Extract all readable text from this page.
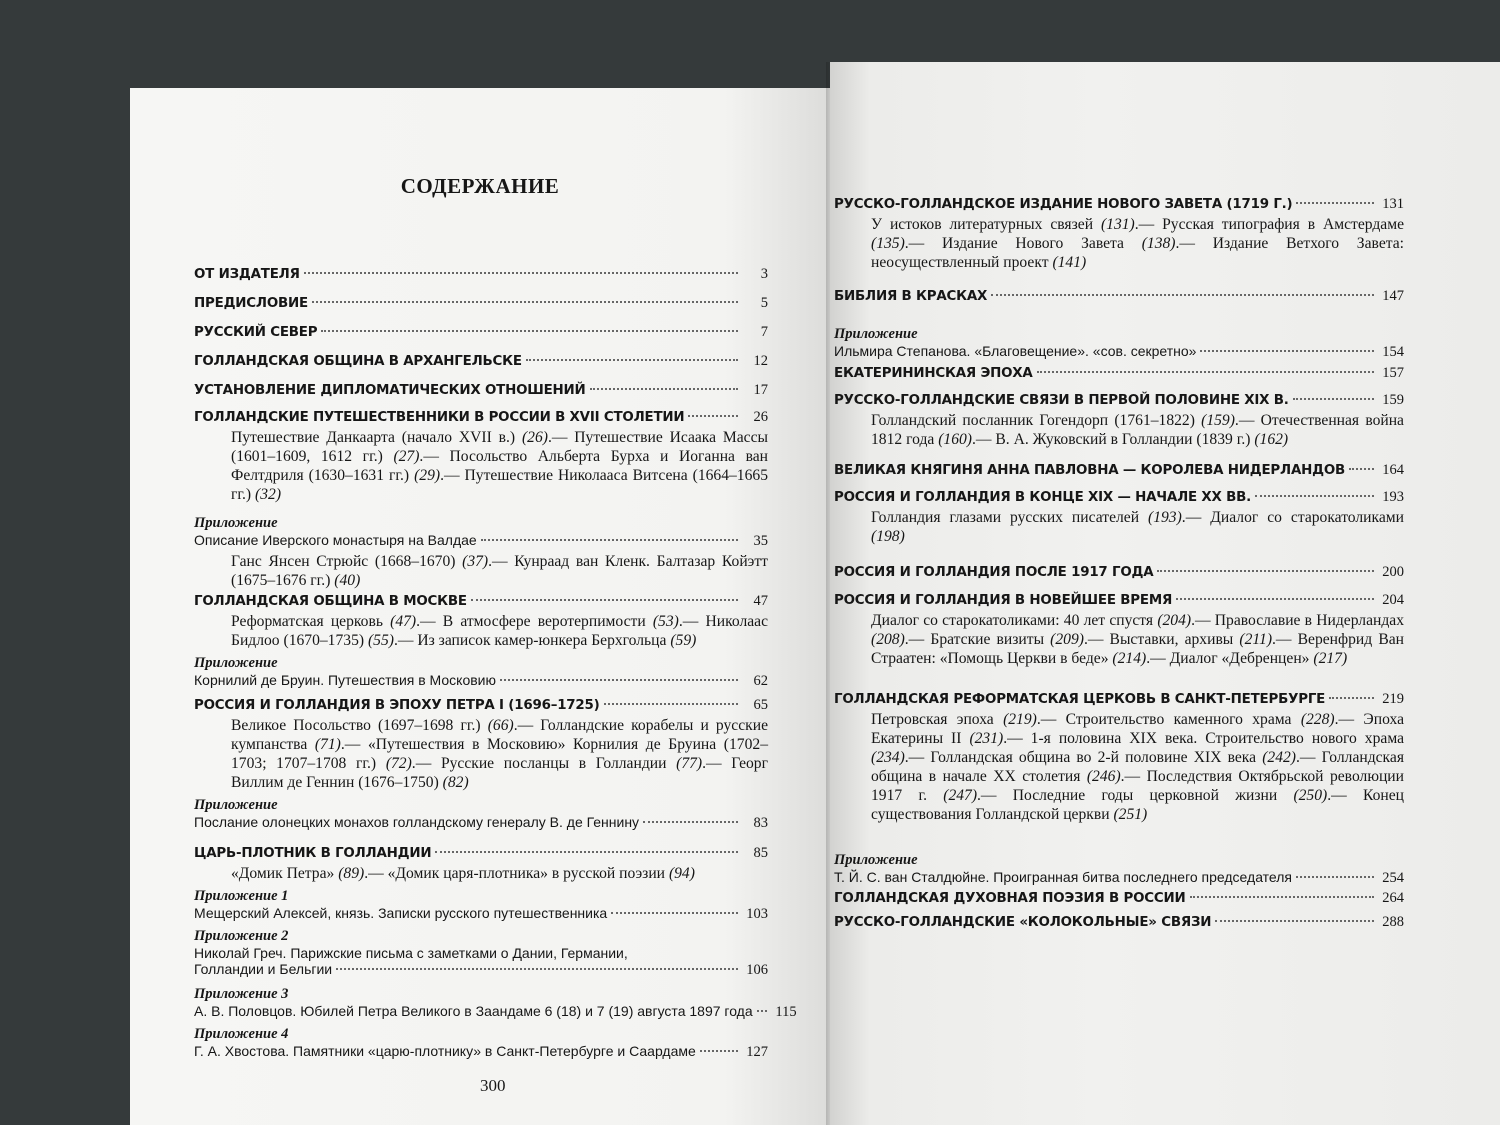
СОДЕРЖАНИЕ
ОТ ИЗДАТЕЛЯ	3
ПРЕДИСЛОВИЕ	5
РУССКИЙ СЕВЕР	7
ГОЛЛАНДСКАЯ ОБЩИНА В АРХАНГЕЛЬСКЕ	12
УСТАНОВЛЕНИЕ ДИПЛОМАТИЧЕСКИХ ОТНОШЕНИЙ	17
ГОЛЛАНДСКИЕ ПУТЕШЕСТВЕННИКИ В РОССИИ В XVII СТОЛЕТИИ	26
Путешествие Данкаарта (начало XVII в.) (26).— Путешествие Исаака Массы (1601–1609, 1612 гг.) (27).— Посольство Альберта Бурха и Иоганна ван Фелтдриля (1630–1631 гг.) (29).— Путешествие Николааса Витсена (1664–1665 гг.) (32)
Приложение
Описание Иверского монастыря на Валдае	35
Ганс Янсен Стрюйс (1668–1670) (37).— Кунраад ван Кленк. Балтазар Койэтт (1675–1676 гг.) (40)
ГОЛЛАНДСКАЯ ОБЩИНА В МОСКВЕ	47
Реформатская церковь (47).— В атмосфере веротерпимости (53).— Николаас Бидлоо (1670–1735) (55).— Из записок камер-юнкера Берхгольца (59)
Приложение
Корнилий де Бруин. Путешествия в Московию	62
РОССИЯ И ГОЛЛАНДИЯ В ЭПОХУ ПЕТРА I (1696–1725)	65
Великое Посольство (1697–1698 гг.) (66).— Голландские корабелы и русские кумпанства (71).— «Путешествия в Московию» Корнилия де Бруина (1702–1703; 1707–1708 гг.) (72).— Русские посланцы в Голландии (77).— Георг Виллим де Геннин (1676–1750) (82)
Приложение
Послание олонецких монахов голландскому генералу В. де Геннину	83
ЦАРЬ-ПЛОТНИК В ГОЛЛАНДИИ	85
«Домик Петра» (89).— «Домик царя-плотника» в русской поэзии (94)
Приложение 1
Мещерский Алексей, князь. Записки русского путешественника	103
Приложение 2
Николай Греч. Парижские письма с заметками о Дании, Германии,
Голландии и Бельгии	106
Приложение 3
А. В. Половцов. Юбилей Петра Великого в Заандаме 6 (18) и 7 (19) августа 1897 года	115
Приложение 4
Г. А. Хвостова. Памятники «царю-плотнику» в Санкт-Петербурге и Саардаме	127
300
РУССКО-ГОЛЛАНДСКОЕ ИЗДАНИЕ НОВОГО ЗАВЕТА (1719 Г.)	131
У истоков литературных связей (131).— Русская типография в Амстердаме (135).— Издание Нового Завета (138).— Издание Ветхого Завета: неосуществленный проект (141)
БИБЛИЯ В КРАСКАХ	147
Приложение
Ильмира Степанова. «Благовещение». «сов. секретно»	154
ЕКАТЕРИНИНСКАЯ ЭПОХА	157
РУССКО-ГОЛЛАНДСКИЕ СВЯЗИ В ПЕРВОЙ ПОЛОВИНЕ XIX В.	159
Голландский посланник Гогендорп (1761–1822) (159).— Отечественная война 1812 года (160).— В. А. Жуковский в Голландии (1839 г.) (162)
ВЕЛИКАЯ КНЯГИНЯ АННА ПАВЛОВНА — КОРОЛЕВА НИДЕРЛАНДОВ	164
РОССИЯ И ГОЛЛАНДИЯ В КОНЦЕ XIX — НАЧАЛЕ XX ВВ.	193
Голландия глазами русских писателей (193).— Диалог со старокатоликами (198)
РОССИЯ И ГОЛЛАНДИЯ ПОСЛЕ 1917 ГОДА	200
РОССИЯ И ГОЛЛАНДИЯ В НОВЕЙШЕЕ ВРЕМЯ	204
Диалог со старокатоликами: 40 лет спустя (204).— Православие в Нидерландах (208).— Братские визиты (209).— Выставки, архивы (211).— Веренфрид Ван Страатен: «Помощь Церкви в беде» (214).— Диалог «Дебренцен» (217)
ГОЛЛАНДСКАЯ РЕФОРМАТСКАЯ ЦЕРКОВЬ В САНКТ-ПЕТЕРБУРГЕ	219
Петровская эпоха (219).— Строительство каменного храма (228).— Эпоха Екатерины II (231).— 1-я половина XIX века. Строительство нового храма (234).— Голландская община во 2-й половине XIX века (242).— Голландская община в начале XX столетия (246).— Последствия Октябрьской революции 1917 г. (247).— Последние годы церковной жизни (250).— Конец существования Голландской церкви (251)
Приложение
Т. Й. С. ван Сталдюйне. Проигранная битва последнего председателя	254
ГОЛЛАНДСКАЯ ДУХОВНАЯ ПОЭЗИЯ В РОССИИ	264
РУССКО-ГОЛЛАНДСКИЕ «КОЛОКОЛЬНЫЕ» СВЯЗИ	288
